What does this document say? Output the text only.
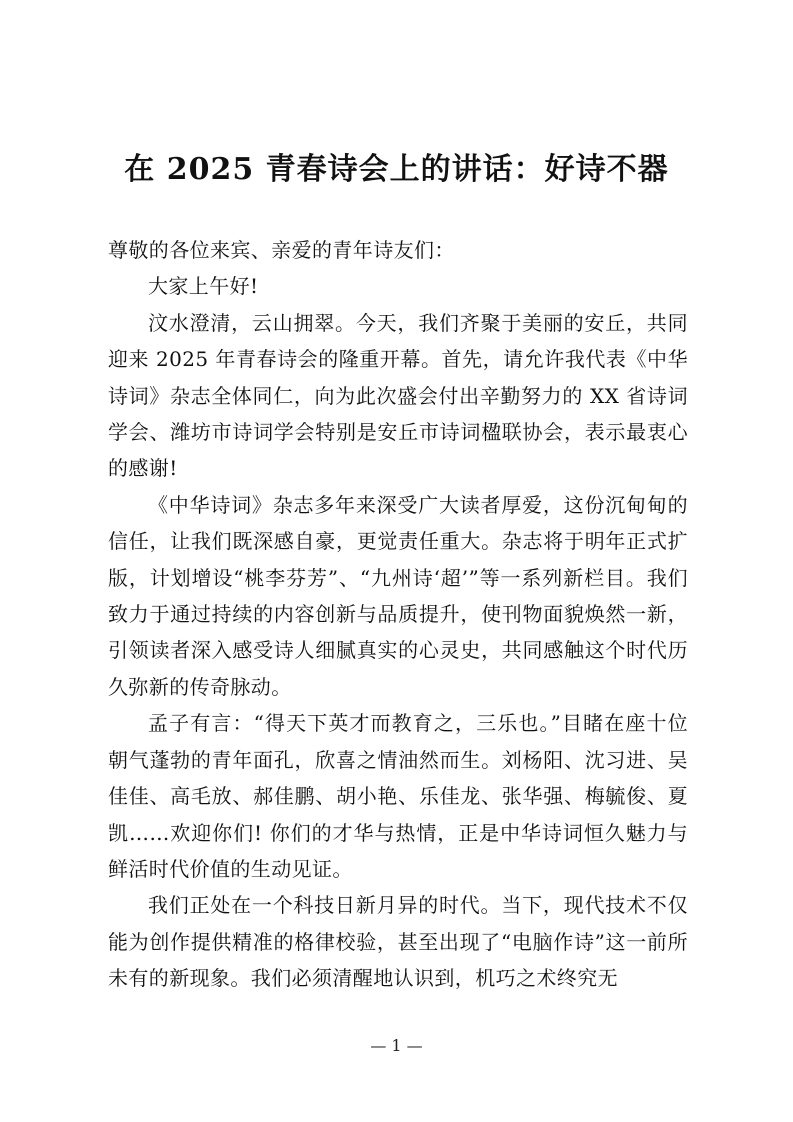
在 2025 青春诗会上的讲话：好诗不器

尊敬的各位来宾、亲爱的青年诗友们：

大家上午好!

汶水澄清，云山拥翠。今天，我们齐聚于美丽的安丘，共同迎来 2025 年青春诗会的隆重开幕。首先，请允许我代表《中华诗词》杂志全体同仁，向为此次盛会付出辛勤努力的 XX 省诗词学会、潍坊市诗词学会特别是安丘市诗词楹联协会，表示最衷心的感谢!

《中华诗词》杂志多年来深受广大读者厚爱，这份沉甸甸的信任，让我们既深感自豪，更觉责任重大。杂志将于明年正式扩版，计划增设“桃李芬芳”、“九州诗‘超’”等一系列新栏目。我们致力于通过持续的内容创新与品质提升，使刊物面貌焕然一新，引领读者深入感受诗人细腻真实的心灵史，共同感触这个时代历久弥新的传奇脉动。

孟子有言：“得天下英才而教育之，三乐也。”目睹在座十位朝气蓬勃的青年面孔，欣喜之情油然而生。刘杨阳、沈习进、吴佳佳、高毛放、郝佳鹏、胡小艳、乐佳龙、张华强、梅毓俊、夏凯……欢迎你们! 你们的才华与热情，正是中华诗词恒久魅力与鲜活时代价值的生动见证。

我们正处在一个科技日新月异的时代。当下，现代技术不仅能为创作提供精准的格律校验，甚至出现了“电脑作诗”这一前所未有的新现象。我们必须清醒地认识到，机巧之术终究无

— 1 —
